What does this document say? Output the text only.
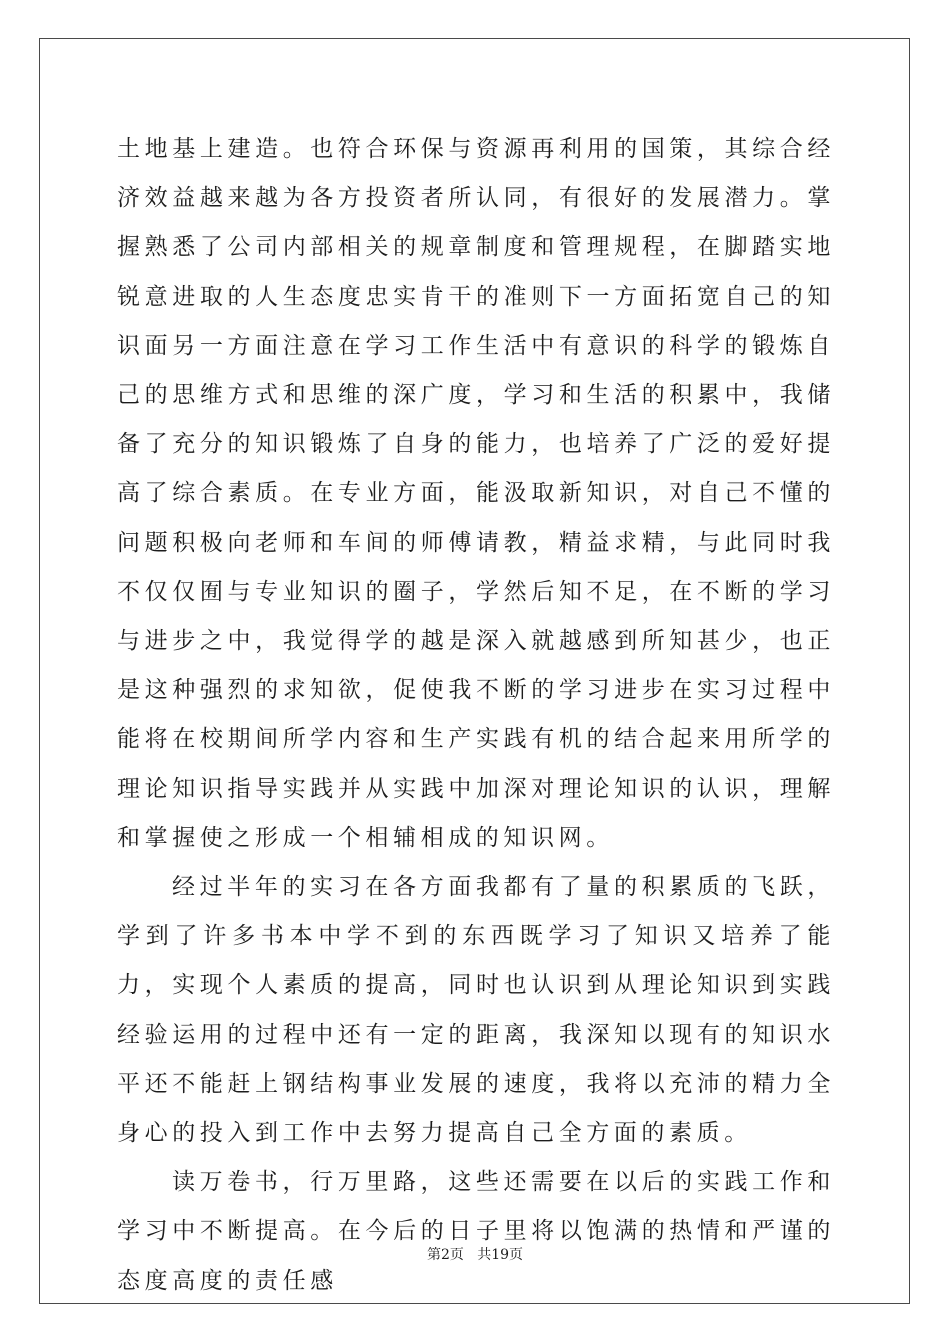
土地基上建造。也符合环保与资源再利用的国策，其综合经济效益越来越为各方投资者所认同，有很好的发展潜力。掌握熟悉了公司内部相关的规章制度和管理规程，在脚踏实地锐意进取的人生态度忠实肯干的准则下一方面拓宽自己的知识面另一方面注意在学习工作生活中有意识的科学的锻炼自己的思维方式和思维的深广度，学习和生活的积累中，我储备了充分的知识锻炼了自身的能力，也培养了广泛的爱好提高了综合素质。在专业方面，能汲取新知识，对自己不懂的问题积极向老师和车间的师傅请教，精益求精，与此同时我不仅仅囿与专业知识的圈子，学然后知不足，在不断的学习与进步之中，我觉得学的越是深入就越感到所知甚少，也正是这种强烈的求知欲，促使我不断的学习进步在实习过程中能将在校期间所学内容和生产实践有机的结合起来用所学的理论知识指导实践并从实践中加深对理论知识的认识，理解和掌握使之形成一个相辅相成的知识网。

经过半年的实习在各方面我都有了量的积累质的飞跃，学到了许多书本中学不到的东西既学习了知识又培养了能力，实现个人素质的提高，同时也认识到从理论知识到实践经验运用的过程中还有一定的距离，我深知以现有的知识水平还不能赶上钢结构事业发展的速度，我将以充沛的精力全身心的投入到工作中去努力提高自己全方面的素质。

读万卷书，行万里路，这些还需要在以后的实践工作和学习中不断提高。在今后的日子里将以饱满的热情和严谨的态度高度的责任感

第2页   共19页
